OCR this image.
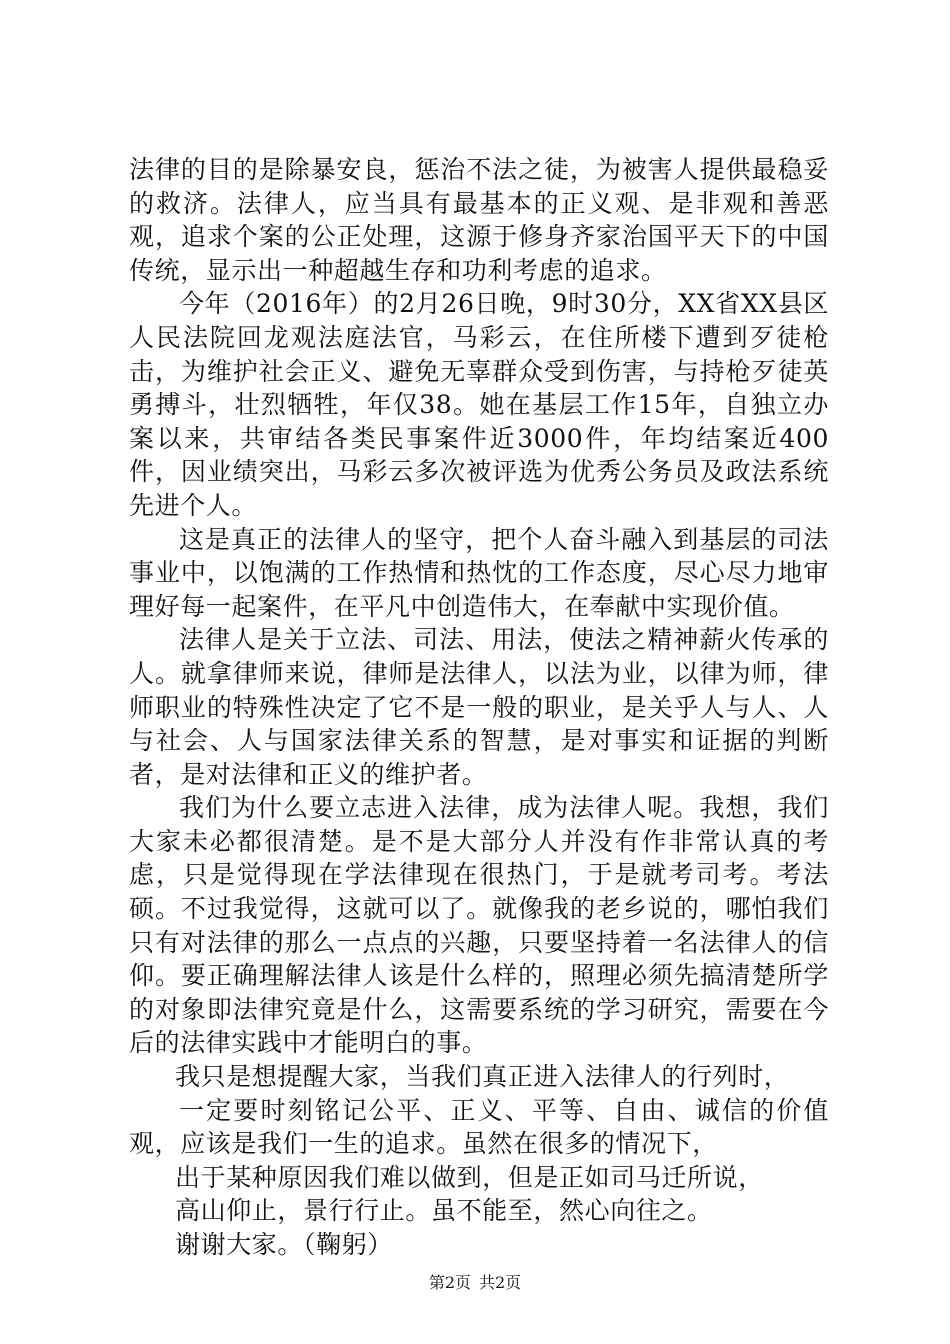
法律的目的是除暴安良，惩治不法之徒，为被害人提供最稳妥的救济。法律人，应当具有最基本的正义观、是非观和善恶观，追求个案的公正处理，这源于修身齐家治国平天下的中国传统，显示出一种超越生存和功利考虑的追求。

今年（2016年）的2月26日晚，9时30分，XX省XX县区人民法院回龙观法庭法官，马彩云，在住所楼下遭到歹徒枪击，为维护社会正义、避免无辜群众受到伤害，与持枪歹徒英勇搏斗，壮烈牺牲，年仅38。她在基层工作15年，自独立办案以来，共审结各类民事案件近3000件，年均结案近400件，因业绩突出，马彩云多次被评选为优秀公务员及政法系统先进个人。

这是真正的法律人的坚守，把个人奋斗融入到基层的司法事业中，以饱满的工作热情和热忱的工作态度，尽心尽力地审理好每一起案件，在平凡中创造伟大，在奉献中实现价值。

法律人是关于立法、司法、用法，使法之精神薪火传承的人。就拿律师来说，律师是法律人，以法为业，以律为师，律师职业的特殊性决定了它不是一般的职业，是关乎人与人、人与社会、人与国家法律关系的智慧，是对事实和证据的判断者，是对法律和正义的维护者。

我们为什么要立志进入法律，成为法律人呢。我想，我们大家未必都很清楚。是不是大部分人并没有作非常认真的考虑，只是觉得现在学法律现在很热门，于是就考司考。考法硕。不过我觉得，这就可以了。就像我的老乡说的，哪怕我们只有对法律的那么一点点的兴趣，只要坚持着一名法律人的信仰。要正确理解法律人该是什么样的，照理必须先搞清楚所学的对象即法律究竟是什么，这需要系统的学习研究，需要在今后的法律实践中才能明白的事。

我只是想提醒大家，当我们真正进入法律人的行列时，

一定要时刻铭记公平、正义、平等、自由、诚信的价值观，应该是我们一生的追求。虽然在很多的情况下，

出于某种原因我们难以做到，但是正如司马迁所说，

高山仰止，景行行止。虽不能至，然心向往之。

谢谢大家。（鞠躬）

第2页 共2页
